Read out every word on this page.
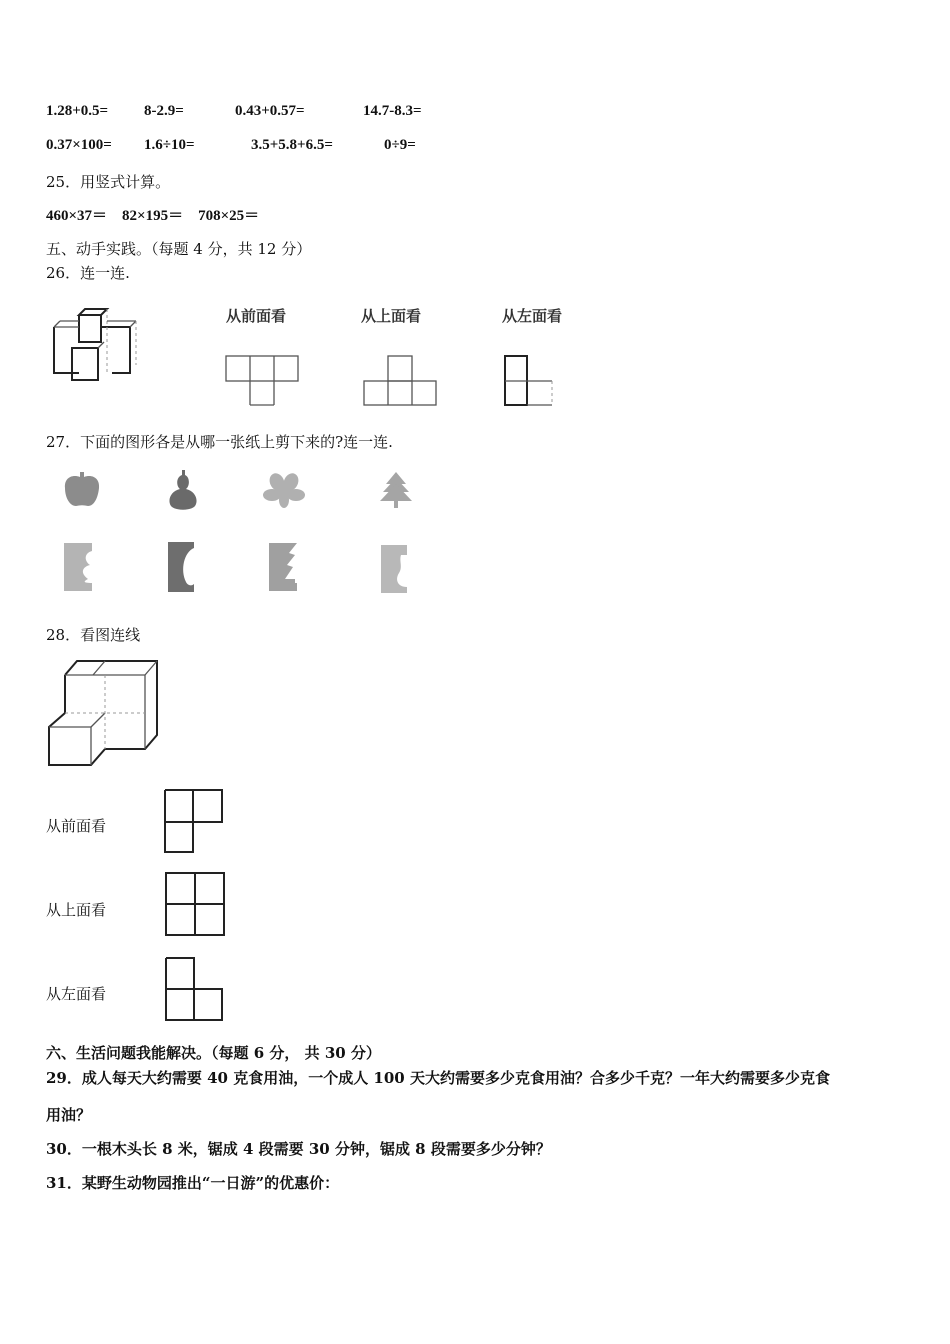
1.28+0.5= 8-2.9=	0.43+0.57=	14.7-8.3=
0.37×100= 1.6÷10=	3.5+5.8+6.5=	0÷9=
25．用竖式计算。
460×37＝　82×195＝　708×25＝
五、动手实践。（每题 4 分，共 12 分）
26．连一连.
从前面看	从上面看	从左面看
27．下面的图形各是从哪一张纸上剪下来的?连一连.
28．看图连线
从前面看
从上面看
从左面看
六、生活问题我能解决。（每题 6 分， 共 30 分）
29．成人每天大约需要 40 克食用油，一个成人 100 天大约需要多少克食用油？合多少千克？一年大约需要多少克食
用油？
30．一根木头长 8 米，锯成 4 段需要 30 分钟，锯成 8 段需要多少分钟？
31．某野生动物园推出“一日游”的优惠价：
